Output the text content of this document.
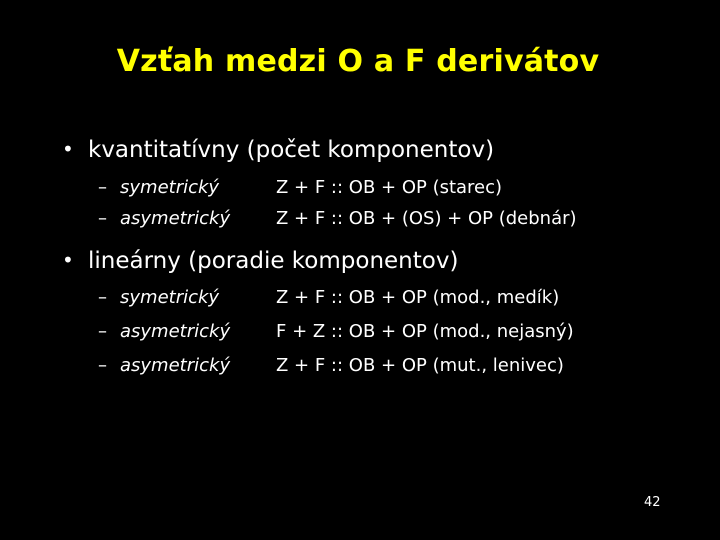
Vzťah medzi O a F derivátov
• kvantitatívny (počet komponentov)
– symetrický	Z + F :: OB + OP (starec)
– asymetrický	Z + F :: OB + (OS) + OP (debnár)
• lineárny (poradie komponentov)
– symetrický	Z + F :: OB + OP (mod., medík)
– asymetrický	F + Z :: OB + OP (mod., nejasný)
– asymetrický	Z + F :: OB + OP (mut., lenivec)
42
